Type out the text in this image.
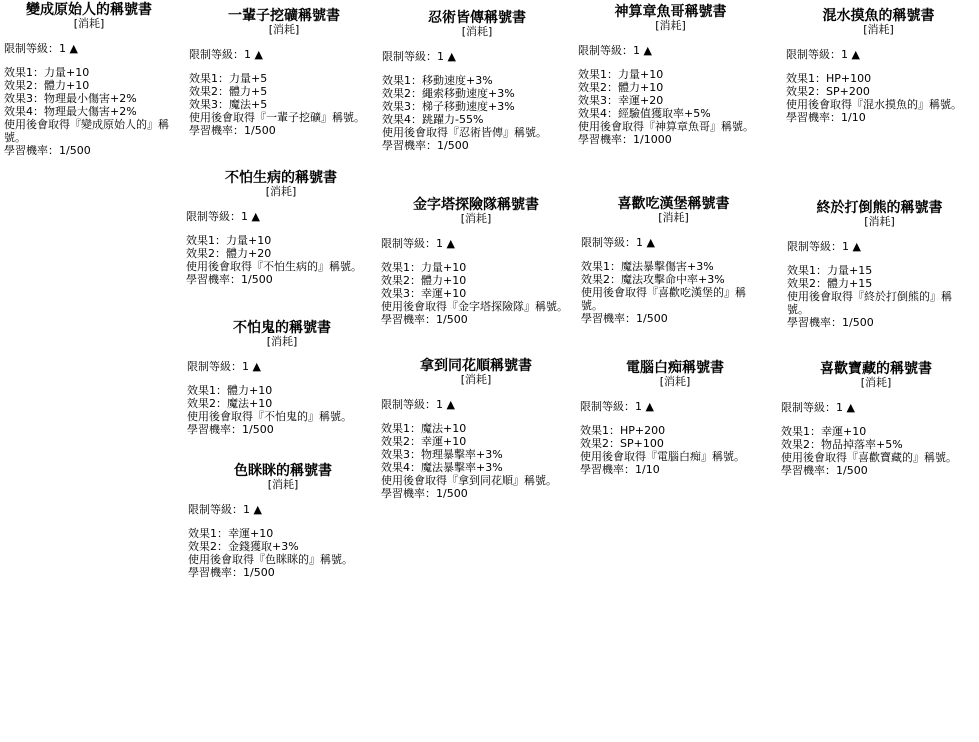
變成原始人的稱號書
[消耗]
限制等級：1 ▲
效果1：力量+10
效果2：體力+10
效果3：物理最小傷害+2%
效果4：物理最大傷害+2%
使用後會取得『變成原始人的』稱號。
學習機率：1/500
一輩子挖礦稱號書
[消耗]
限制等級：1 ▲
效果1：力量+5
效果2：體力+5
效果3：魔法+5
使用後會取得『一輩子挖礦』稱號。
學習機率：1/500
不怕生病的稱號書
[消耗]
限制等級：1 ▲
效果1：力量+10
效果2：體力+20
使用後會取得『不怕生病的』稱號。
學習機率：1/500
不怕鬼的稱號書
[消耗]
限制等級：1 ▲
效果1：體力+10
效果2：魔法+10
使用後會取得『不怕鬼的』稱號。
學習機率：1/500
色眯眯的稱號書
[消耗]
限制等級：1 ▲
效果1：幸運+10
效果2：金錢獲取+3%
使用後會取得『色眯眯的』稱號。
學習機率：1/500
忍術皆傳稱號書
[消耗]
限制等級：1 ▲
效果1：移動速度+3%
效果2：繩索移動速度+3%
效果3：梯子移動速度+3%
效果4：跳躍力-55%
使用後會取得『忍術皆傳』稱號。
學習機率：1/500
金字塔探險隊稱號書
[消耗]
限制等級：1 ▲
效果1：力量+10
效果2：體力+10
效果3：幸運+10
使用後會取得『金字塔探險隊』稱號。
學習機率：1/500
拿到同花順稱號書
[消耗]
限制等級：1 ▲
效果1：魔法+10
效果2：幸運+10
效果3：物理暴擊率+3%
效果4：魔法暴擊率+3%
使用後會取得『拿到同花順』稱號。
學習機率：1/500
神算章魚哥稱號書
[消耗]
限制等級：1 ▲
效果1：力量+10
效果2：體力+10
效果3：幸運+20
效果4：經驗值獲取率+5%
使用後會取得『神算章魚哥』稱號。
學習機率：1/1000
喜歡吃漢堡稱號書
[消耗]
限制等級：1 ▲
效果1：魔法暴擊傷害+3%
效果2：魔法攻擊命中率+3%
使用後會取得『喜歡吃漢堡的』稱號。
學習機率：1/500
電腦白痴稱號書
[消耗]
限制等級：1 ▲
效果1：HP+200
效果2：SP+100
使用後會取得『電腦白痴』稱號。
學習機率：1/10
混水摸魚的稱號書
[消耗]
限制等級：1 ▲
效果1：HP+100
效果2：SP+200
使用後會取得『混水摸魚的』稱號。
學習機率：1/10
終於打倒熊的稱號書
[消耗]
限制等級：1 ▲
效果1：力量+15
效果2：體力+15
使用後會取得『終於打倒熊的』稱號。
學習機率：1/500
喜歡寶藏的稱號書
[消耗]
限制等級：1 ▲
效果1：幸運+10
效果2：物品掉落率+5%
使用後會取得『喜歡寶藏的』稱號。
學習機率：1/500
